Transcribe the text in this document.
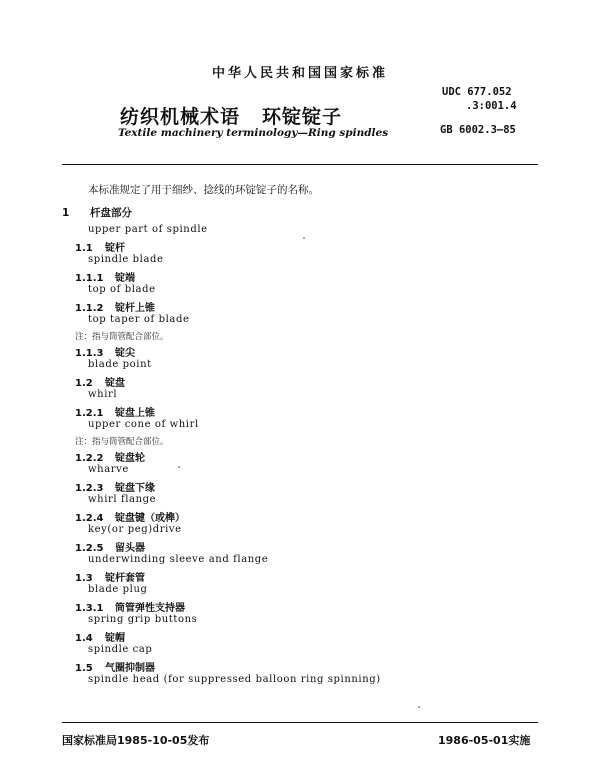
中华人民共和国国家标准
纺织机械术语 环锭锭子
Textile machinery terminology—Ring spindles
UDC 677.052
.3:001.4
GB 6002.3—85
本标准规定了用于细纱、捻线的环锭锭子的名称。
1 杆盘部分
upper part of spindle
1.1 锭杆
spindle blade
1.1.1 锭端
top of blade
1.1.2 锭杆上锥
top taper of blade
注：指与筒管配合部位。
1.1.3 锭尖
blade point
1.2 锭盘
whirl
1.2.1 锭盘上锥
upper cone of whirl
注：指与筒管配合部位。
1.2.2 锭盘轮
wharve
1.2.3 锭盘下缘
whirl flange
1.2.4 锭盘键（或榫）
key(or peg)drive
1.2.5 留头器
underwinding sleeve and flange
1.3 锭杆套管
blade plug
1.3.1 筒管弹性支持器
spring grip buttons
1.4 锭帽
spindle cap
1.5 气圈抑制器
spindle head (for suppressed balloon ring spinning)
国家标准局1985-10-05发布	1986-05-01实施
